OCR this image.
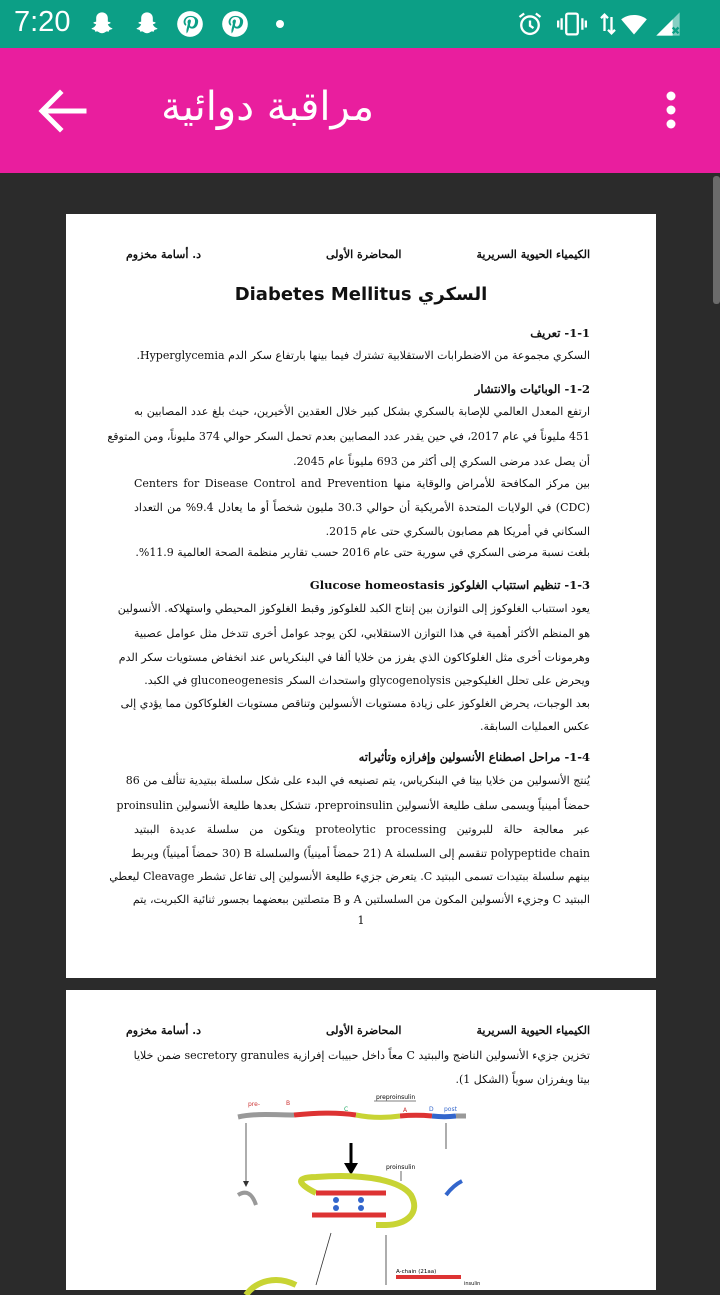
7:20
مراقبة دوائية
الكيمياء الحيوية السريرية
المحاضرة الأولى
د. أسامة مخزوم
Diabetes Mellitus السكري
1-1- تعريف
السكري مجموعة من الاضطرابات الاستقلابية تشترك فيما بينها بارتفاع سكر الدم Hyperglycemia.
1-2- الوبائيات والانتشار
ارتفع المعدل العالمي للإصابة بالسكري بشكل كبير خلال العقدين الأخيرين، حيث بلغ عدد المصابين به
451 مليوناً في عام 2017، في حين يقدر عدد المصابين بعدم تحمل السكر حوالي 374 مليوناً، ومن المتوقع
أن يصل عدد مرضى السكري إلى أكثر من 693 مليوناً عام 2045.
بين مركز المكافحة للأمراض والوقاية منها Centers for Disease Control and Prevention
(CDC) في الولايات المتحدة الأمريكية أن حوالي 30.3 مليون شخصاً أو ما يعادل 9.4% من التعداد
السكاني في أمريكا هم مصابون بالسكري حتى عام 2015.
بلغت نسبة مرضى السكري في سورية حتى عام 2016 حسب تقارير منظمة الصحة العالمية 11.9%.
1-3- تنظيم استتباب الغلوكوز Glucose homeostasis
يعود استتباب الغلوكوز إلى التوازن بين إنتاج الكبد للغلوكوز وقبط الغلوكوز المحيطي واستهلاكه. الأنسولين
هو المنظم الأكثر أهمية في هذا التوازن الاستقلابي، لكن يوجد عوامل أخرى تتدخل مثل عوامل عصبية
وهرمونات أخرى مثل الغلوكاكون الذي يفرز من خلايا ألفا في البنكرياس عند انخفاض مستويات سكر الدم
ويحرض على تحلل الغليكوجين glycogenolysis واستحداث السكر gluconeogenesis في الكبد.
بعد الوجبات، يحرض الغلوكوز على زيادة مستويات الأنسولين وتناقص مستويات الغلوكاكون مما يؤدي إلى
عكس العمليات السابقة.
1-4- مراحل اصطناع الأنسولين وإفرازه وتأثيراته
يُنتج الأنسولين من خلايا بيتا في البنكرياس، يتم تصنيعه في البدء على شكل سلسلة ببتيدية تتألف من 86
حمضاً أمينياً ويسمى سلف طليعة الأنسولين preproinsulin، تتشكل بعدها طليعة الأنسولين proinsulin
عبر معالجة حالة للبروتين proteolytic processing ويتكون من سلسلة عديدة الببتيد
polypeptide chain تنقسم إلى السلسلة A (21 حمضاً أمينياً) والسلسلة B (30 حمضاً أمينياً) ويربط
بينهم سلسلة ببتيدات تسمى الببتيد C. يتعرض جزيء طليعة الأنسولين إلى تفاعل تشطر Cleavage ليعطي
الببتيد C وجزيء الأنسولين المكون من السلسلتين A و B متصلتين ببعضهما بجسور ثنائية الكبريت، يتم
1
الكيمياء الحيوية السريرية
المحاضرة الأولى
د. أسامة مخزوم
تخزين جزيء الأنسولين الناضج والببتيد C معاً داخل حبيبات إفرازية secretory granules ضمن خلايا
بيتا ويفرزان سوياً (الشكل 1).
preproinsulin
pre-	B
C	A	D post
proinsulin
A-chain (21aa)
insulin
